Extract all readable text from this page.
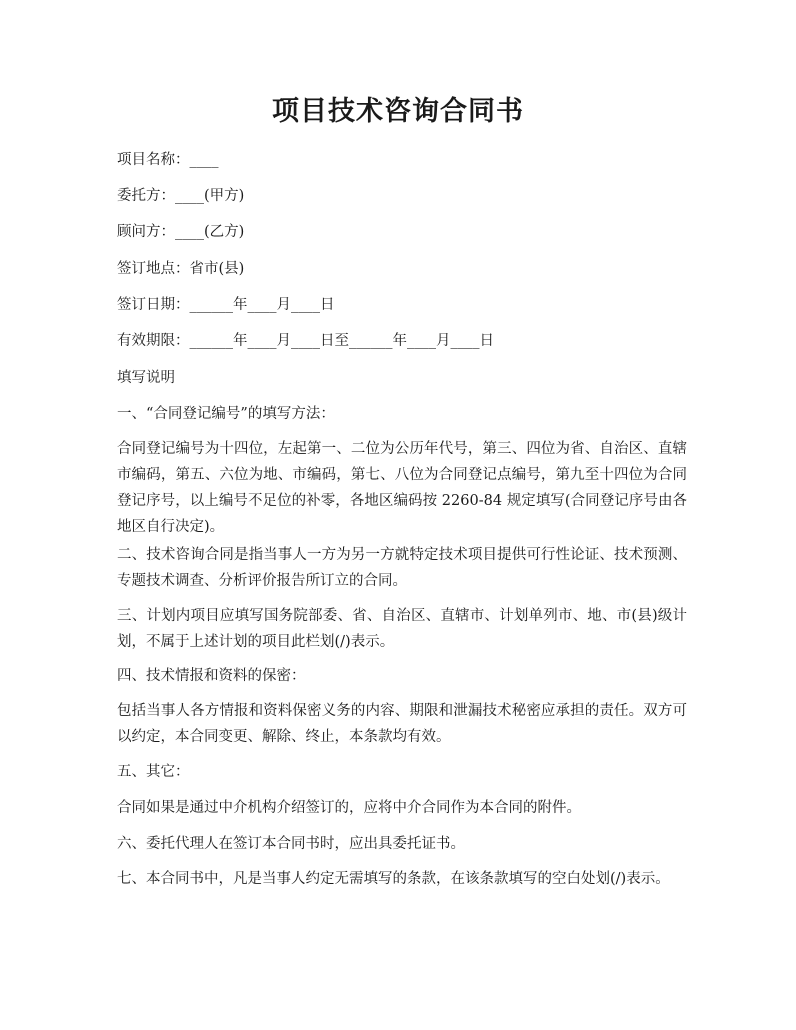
项目技术咨询合同书
项目名称：____
委托方：____(甲方)
顾问方：____(乙方)
签订地点：省市(县)
签订日期：______年____月____日
有效期限：______年____月____日至______年____月____日
填写说明
一、“合同登记编号”的填写方法：
合同登记编号为十四位，左起第一、二位为公历年代号，第三、四位为省、自治区、直辖市编码，第五、六位为地、市编码，第七、八位为合同登记点编号，第九至十四位为合同登记序号，以上编号不足位的补零，各地区编码按 2260-84 规定填写(合同登记序号由各地区自行决定)。
二、技术咨询合同是指当事人一方为另一方就特定技术项目提供可行性论证、技术预测、专题技术调查、分析评价报告所订立的合同。
三、计划内项目应填写国务院部委、省、自治区、直辖市、计划单列市、地、市(县)级计划，不属于上述计划的项目此栏划(/)表示。
四、技术情报和资料的保密：
包括当事人各方情报和资料保密义务的内容、期限和泄漏技术秘密应承担的责任。双方可以约定，本合同变更、解除、终止，本条款均有效。
五、其它：
合同如果是通过中介机构介绍签订的，应将中介合同作为本合同的附件。
六、委托代理人在签订本合同书时，应出具委托证书。
七、本合同书中，凡是当事人约定无需填写的条款，在该条款填写的空白处划(/)表示。
